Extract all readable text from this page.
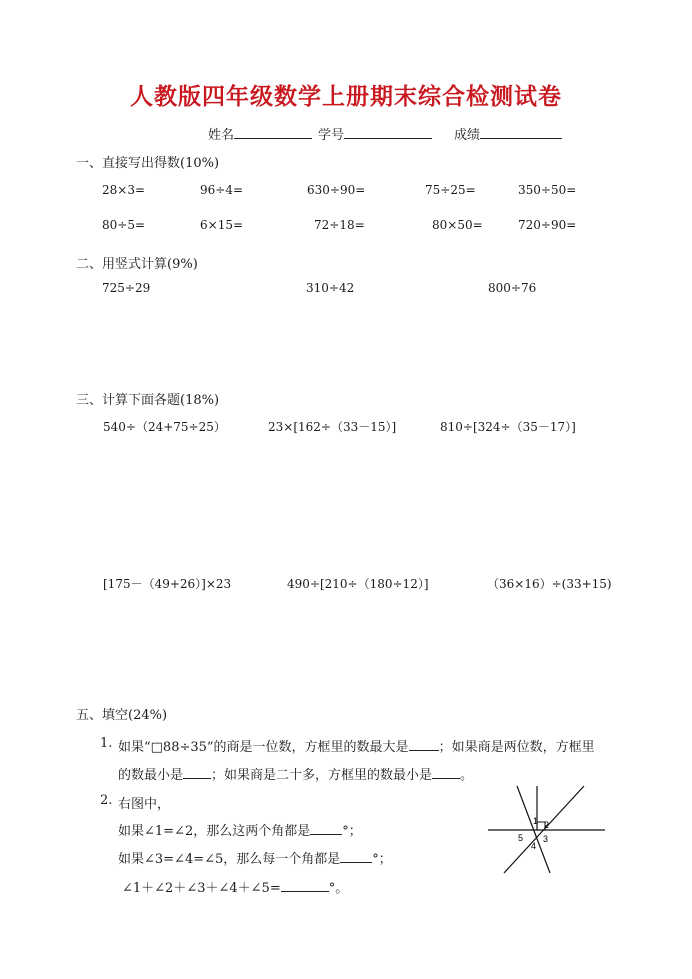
人教版四年级数学上册期末综合检测试卷
姓名	学号	成绩
一、直接写出得数(10%)
28×3=	96÷4=	630÷90=	75÷25=	350÷50=
80÷5=	6×15=	72÷18=	80×50=	720÷90=
二、用竖式计算(9%)
725÷29	310÷42	800÷76
三、计算下面各题(18%)
540÷（24+75÷25）	23×[162÷（33－15）]	810÷[324÷（35－17）]
[175－（49+26）]×23	490÷[210÷（180÷12）]	（36×16）÷(33+15)
五、填空(24%)
1. 如果“□88÷35”的商是一位数，方框里的数最大是 ；如果商是两位数，方框里
的数最小是 ；如果商是二十多，方框里的数最小是 。
2. 右图中，
如果∠1=∠2，那么这两个角都是 °；
如果∠3=∠4=∠5，那么每一个角都是 °；
∠1＋∠2＋∠3＋∠4＋∠5=	°。
1 2
3
4
5
